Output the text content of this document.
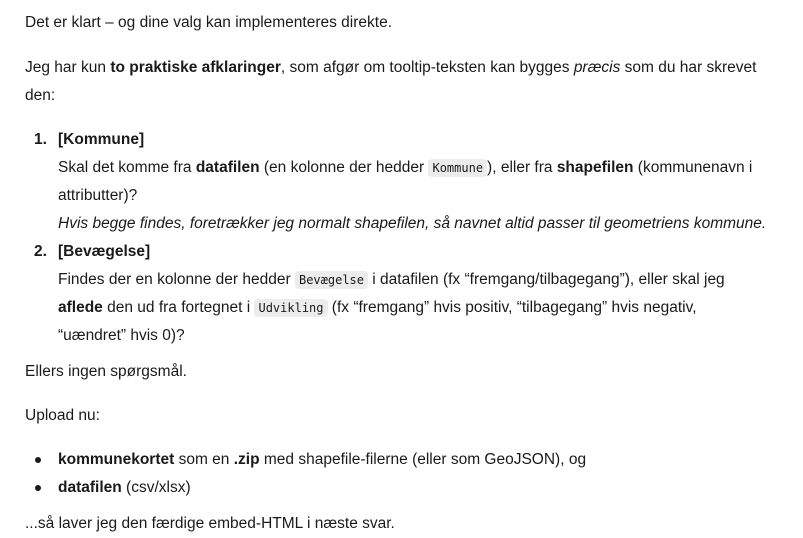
Det er klart – og dine valg kan implementeres direkte.
Jeg har kun to praktiske afklaringer, som afgør om tooltip-teksten kan bygges præcis som du har skrevet
den:
1. [Kommune]
Skal det komme fra datafilen (en kolonne der hedder Kommune ), eller fra shapefilen (kommunenavn i
attributter)?
Hvis begge findes, foretrækker jeg normalt shapefilen, så navnet altid passer til geometriens kommune.
2. [Bevægelse]
Findes der en kolonne der hedder Bevægelse i datafilen (fx “fremgang/tilbagegang”), eller skal jeg
aflede den ud fra fortegnet i Udvikling (fx “fremgang” hvis positiv, “tilbagegang” hvis negativ,
“uændret” hvis 0)?
Ellers ingen spørgsmål.
Upload nu:
kommunekortet som en .zip med shapefile-filerne (eller som GeoJSON), og
datafilen (csv/xlsx)
...så laver jeg den færdige embed-HTML i næste svar.
